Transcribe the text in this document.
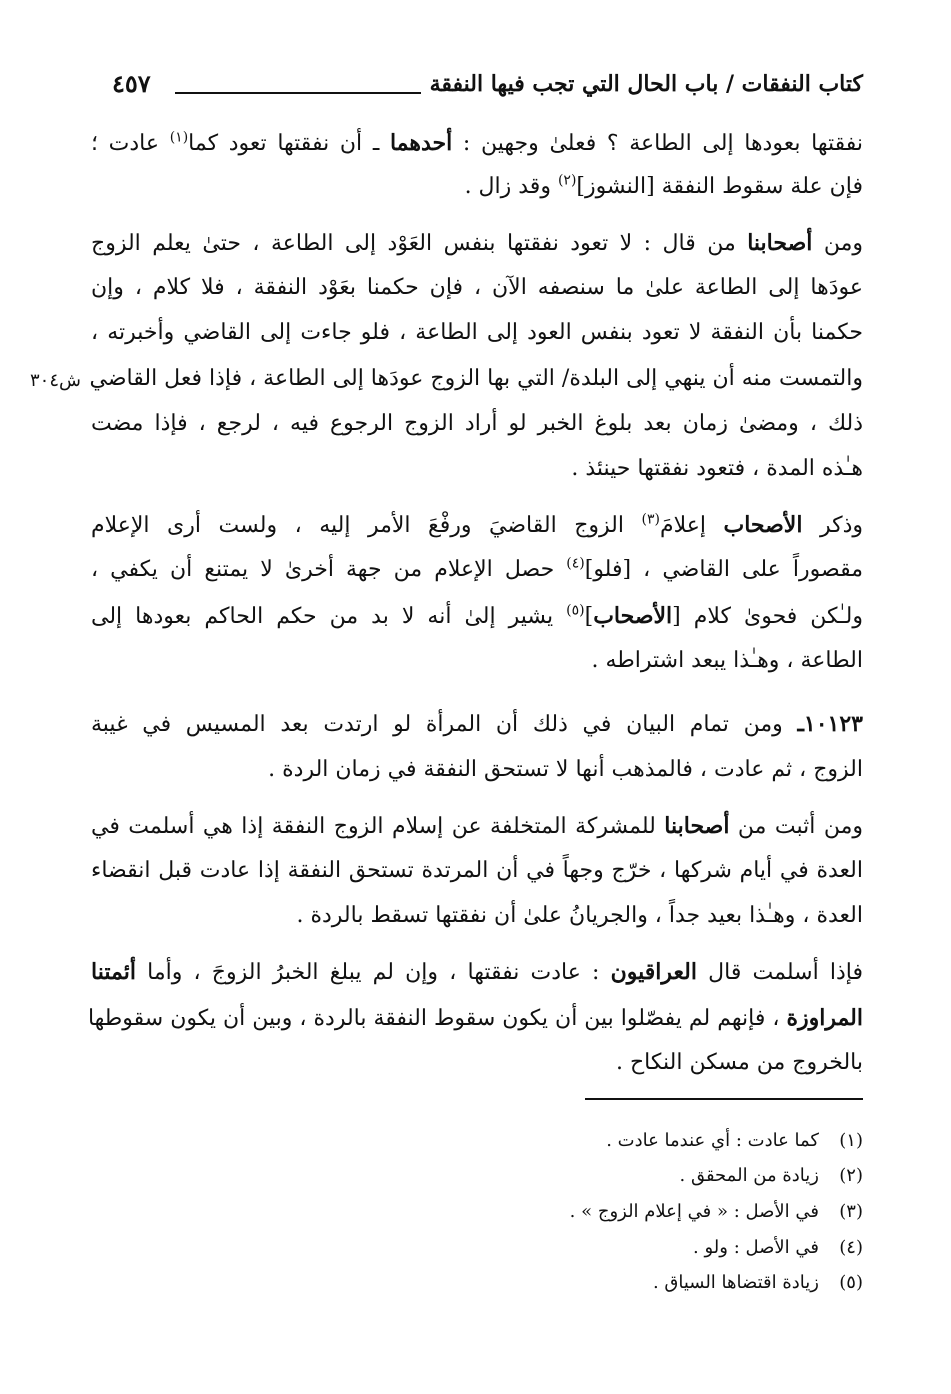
كتاب النفقات / باب الحال التي تجب فيها النفقة
٤٥٧
ش٣٠٤
نفقتها بعودها إلى الطاعة ؟ فعلىٰ وجهين : أحدهما ـ أن نفقتها تعود كما$^{(١)}$ عادت ؛
فإن علة سقوط النفقة [النشوز]$^{(٢)}$ وقد زال .
ومن أصحابنا من قال : لا تعود نفقتها بنفس العَوْد إلى الطاعة ، حتىٰ يعلم الزوج
عودَها إلى الطاعة علىٰ ما سنصفه الآن ، فإن حكمنا بعَوْد النفقة ، فلا كلام ، وإن
حكمنا بأن النفقة لا تعود بنفس العود إلى الطاعة ، فلو جاءت إلى القاضي وأخبرته ،
والتمست منه أن ينهي إلى البلدة/ التي بها الزوج عودَها إلى الطاعة ، فإذا فعل القاضي
ذلك ، ومضىٰ زمان بعد بلوغ الخبر لو أراد الزوج الرجوع فيه ، لرجع ، فإذا مضت
هـٰذه المدة ، فتعود نفقتها حينئذ .
وذكر الأصحاب إعلامَ$^{(٣)}$ الزوج القاضيَ ورفْعَ الأمر إليه ، ولست أرى الإعلام
مقصوراً على القاضي ، [فلو]$^{(٤)}$ حصل الإعلام من جهة أخرىٰ لا يمتنع أن يكفي ،
ولـٰكن فحوىٰ كلام [الأصحاب]$^{(٥)}$ يشير إلىٰ أنه لا بد من حكم الحاكم بعودها إلى
الطاعة ، وهـٰذا يبعد اشتراطه .
١٠١٢٣ـ ومن تمام البيان في ذلك أن المرأة لو ارتدت بعد المسيس في غيبة
الزوج ، ثم عادت ، فالمذهب أنها لا تستحق النفقة في زمان الردة .
ومن أثبت من أصحابنا للمشركة المتخلفة عن إسلام الزوج النفقة إذا هي أسلمت في
العدة في أيام شركها ، خرّج وجهاً في أن المرتدة تستحق النفقة إذا عادت قبل انقضاء
العدة ، وهـٰذا بعيد جداً ، والجريانُ علىٰ أن نفقتها تسقط بالردة .
فإذا أسلمت قال العراقيون : عادت نفقتها ، وإن لم يبلغ الخبرُ الزوجَ ، وأما أئمتنا
المراوزة ، فإنهم لم يفصّلوا بين أن يكون سقوط النفقة بالردة ، وبين أن يكون سقوطها
بالخروج من مسكن النكاح .
(١)كما عادت : أي عندما عادت .
(٢)زيادة من المحقق .
(٣)في الأصل : « في إعلام الزوج » .
(٤)في الأصل : ولو .
(٥)زيادة اقتضاها السياق .
